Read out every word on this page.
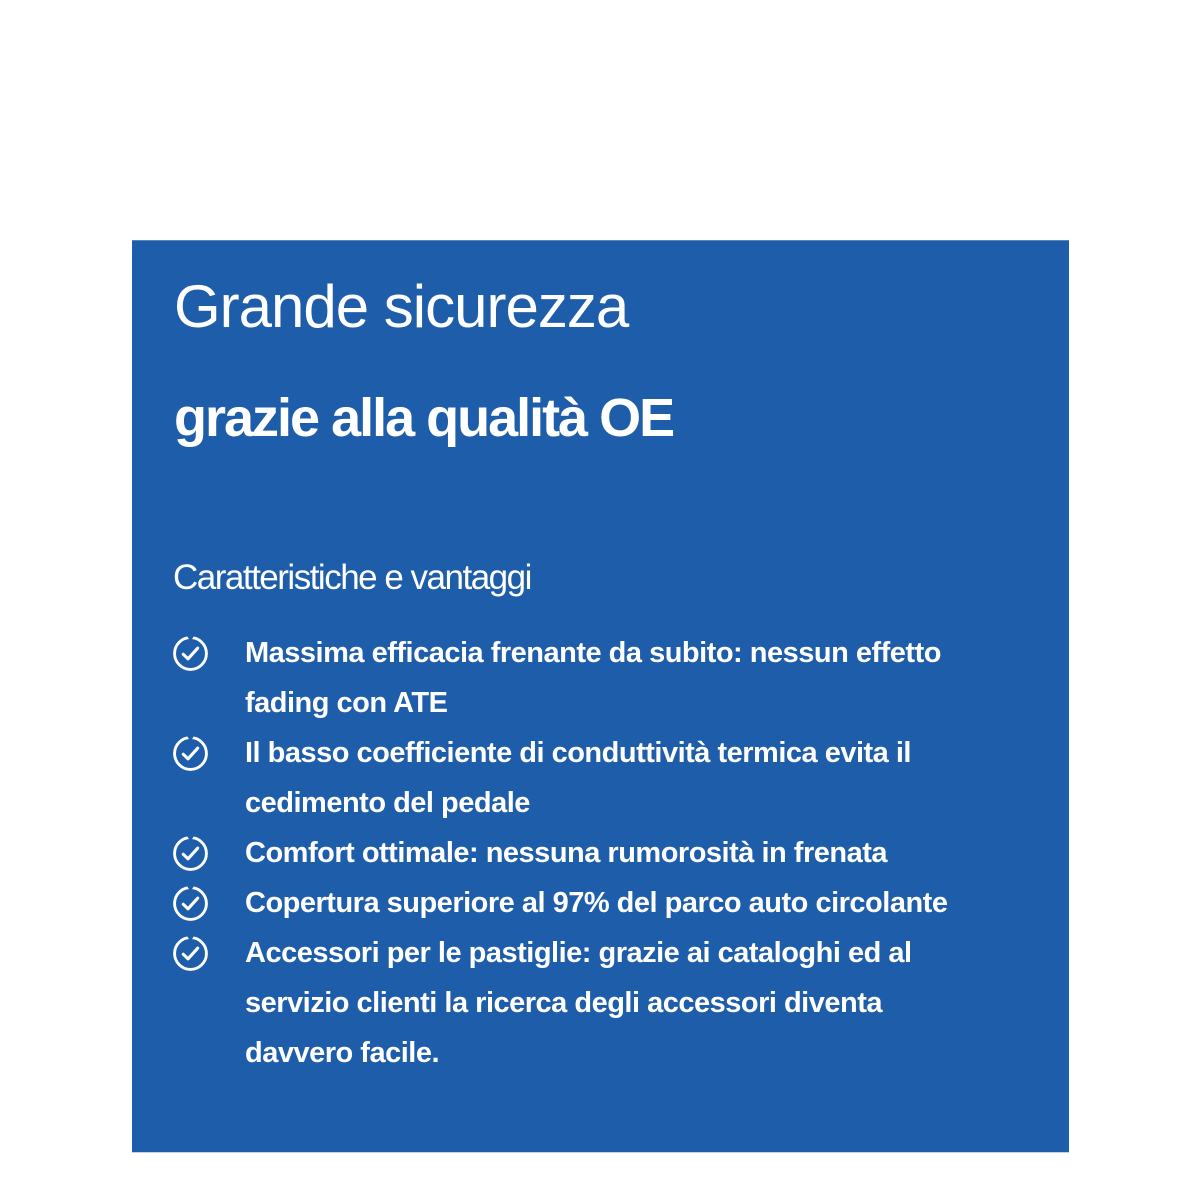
Grande sicurezza
grazie alla qualità OE
Caratteristiche e vantaggi
Massima efficacia frenante da subito: nessun effetto
fading con ATE
Il basso coefficiente di conduttività termica evita il
cedimento del pedale
Comfort ottimale: nessuna rumorosità in frenata
Copertura superiore al 97% del parco auto circolante
Accessori per le pastiglie: grazie ai cataloghi ed al
servizio clienti la ricerca degli accessori diventa
davvero facile.
